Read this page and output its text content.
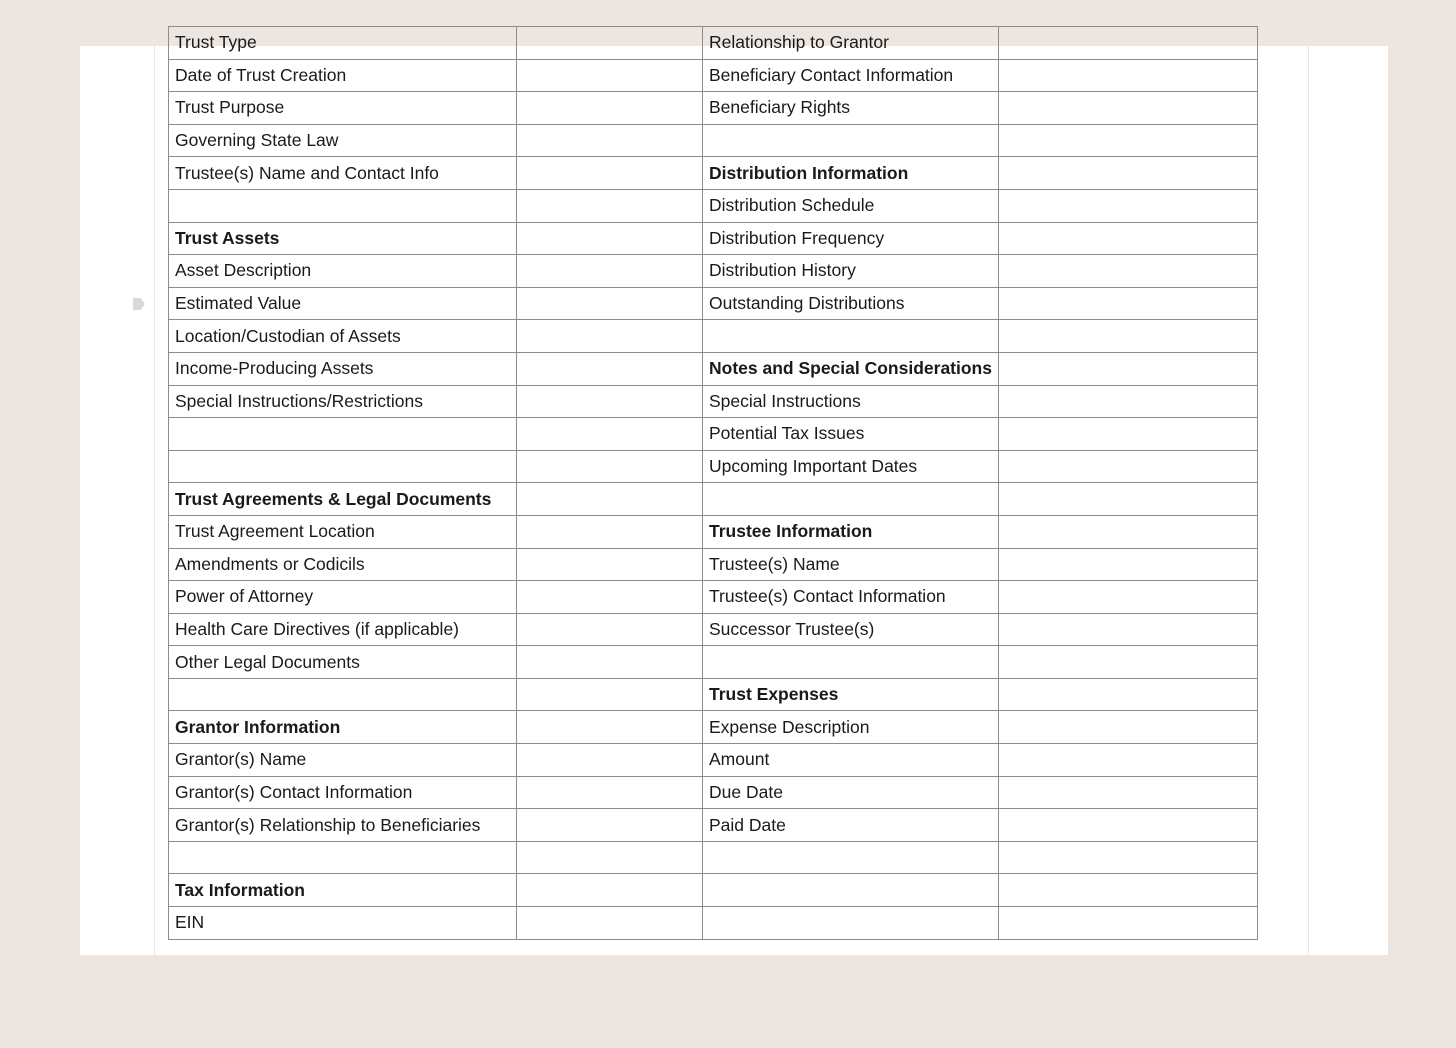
Trust Type		Relationship to Grantor	
Date of Trust Creation		Beneficiary Contact Information	
Trust Purpose		Beneficiary Rights	
Governing State Law			
Trustee(s) Name and Contact Info		Distribution Information	
		Distribution Schedule	
Trust Assets		Distribution Frequency	
Asset Description		Distribution History	
Estimated Value		Outstanding Distributions	
Location/Custodian of Assets			
Income-Producing Assets		Notes and Special Considerations	
Special Instructions/Restrictions		Special Instructions	
		Potential Tax Issues	
		Upcoming Important Dates	
Trust Agreements & Legal Documents			
Trust Agreement Location		Trustee Information	
Amendments or Codicils		Trustee(s) Name	
Power of Attorney		Trustee(s) Contact Information	
Health Care Directives (if applicable)		Successor Trustee(s)	
Other Legal Documents			
		Trust Expenses	
Grantor Information		Expense Description	
Grantor(s) Name		Amount	
Grantor(s) Contact Information		Due Date	
Grantor(s) Relationship to Beneficiaries		Paid Date	

Tax Information			
EIN			
